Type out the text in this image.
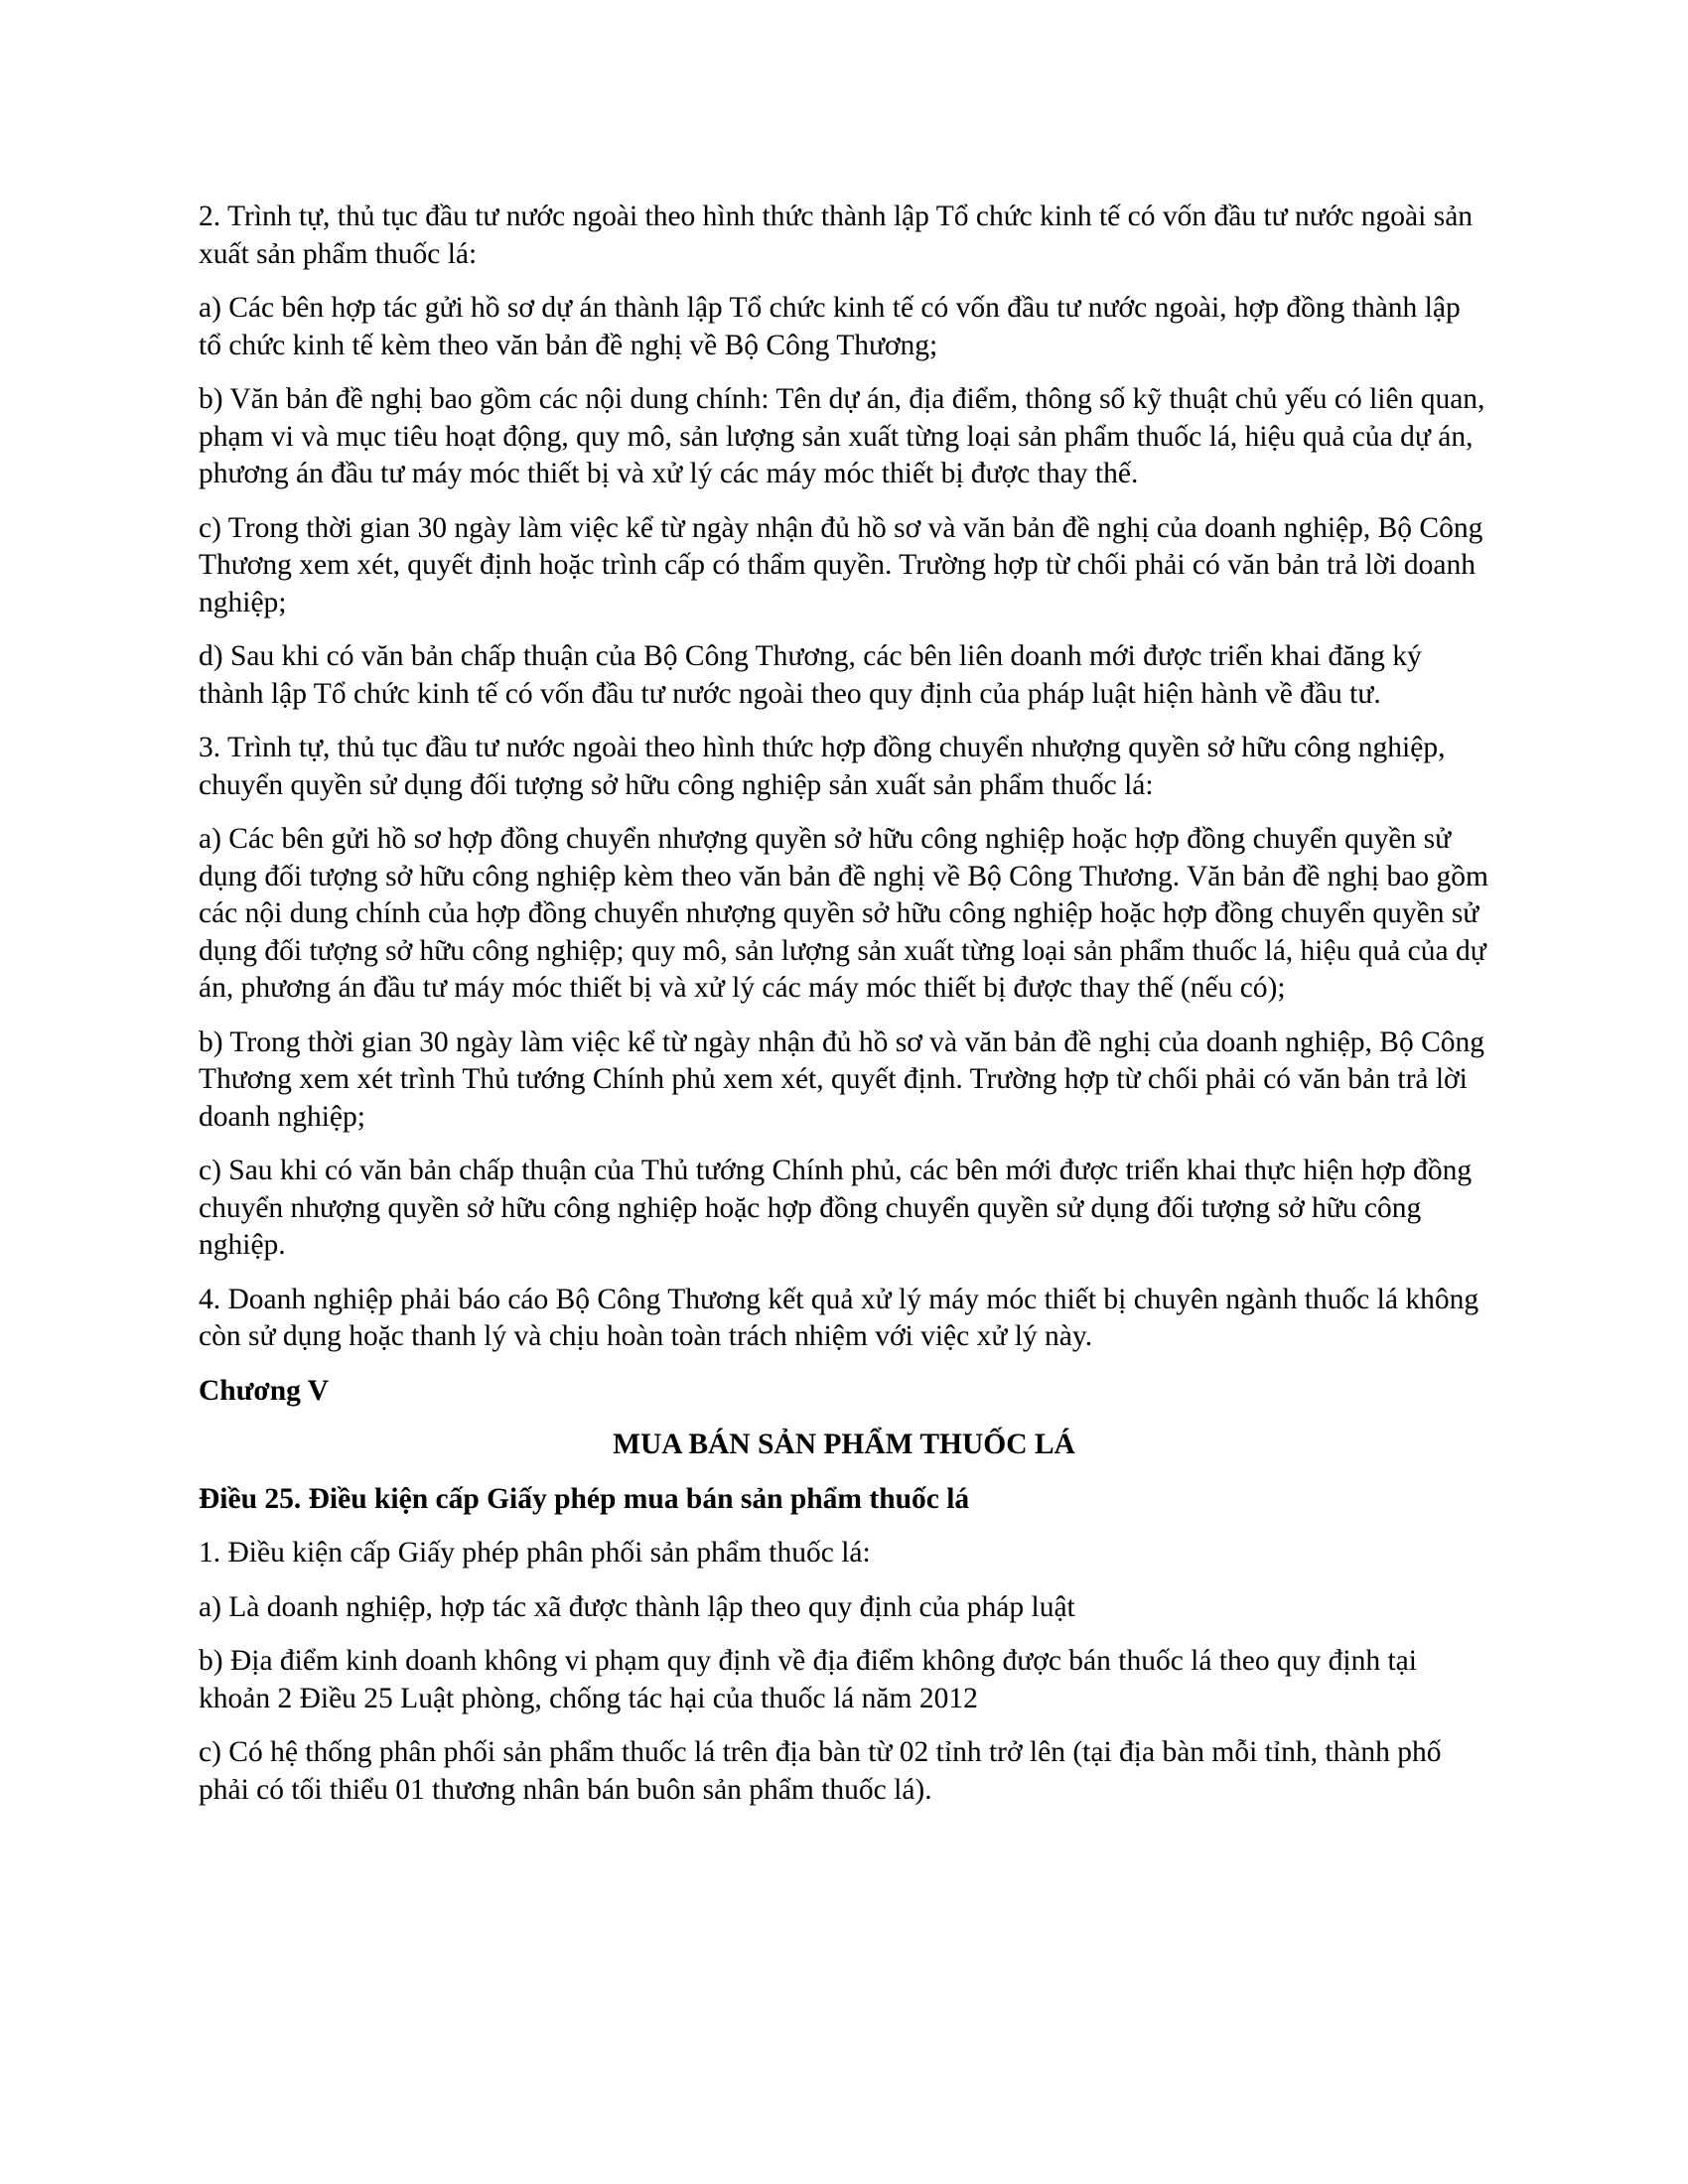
2. Trình tự, thủ tục đầu tư nước ngoài theo hình thức thành lập Tổ chức kinh tế có vốn đầu tư nước ngoài sản xuất sản phẩm thuốc lá:

a) Các bên hợp tác gửi hồ sơ dự án thành lập Tổ chức kinh tế có vốn đầu tư nước ngoài, hợp đồng thành lập tổ chức kinh tế kèm theo văn bản đề nghị về Bộ Công Thương;

b) Văn bản đề nghị bao gồm các nội dung chính: Tên dự án, địa điểm, thông số kỹ thuật chủ yếu có liên quan, phạm vi và mục tiêu hoạt động, quy mô, sản lượng sản xuất từng loại sản phẩm thuốc lá, hiệu quả của dự án, phương án đầu tư máy móc thiết bị và xử lý các máy móc thiết bị được thay thế.

c) Trong thời gian 30 ngày làm việc kể từ ngày nhận đủ hồ sơ và văn bản đề nghị của doanh nghiệp, Bộ Công Thương xem xét, quyết định hoặc trình cấp có thẩm quyền. Trường hợp từ chối phải có văn bản trả lời doanh nghiệp;

d) Sau khi có văn bản chấp thuận của Bộ Công Thương, các bên liên doanh mới được triển khai đăng ký thành lập Tổ chức kinh tế có vốn đầu tư nước ngoài theo quy định của pháp luật hiện hành về đầu tư.

3. Trình tự, thủ tục đầu tư nước ngoài theo hình thức hợp đồng chuyển nhượng quyền sở hữu công nghiệp, chuyển quyền sử dụng đối tượng sở hữu công nghiệp sản xuất sản phẩm thuốc lá:

a) Các bên gửi hồ sơ hợp đồng chuyển nhượng quyền sở hữu công nghiệp hoặc hợp đồng chuyển quyền sử dụng đối tượng sở hữu công nghiệp kèm theo văn bản đề nghị về Bộ Công Thương. Văn bản đề nghị bao gồm các nội dung chính của hợp đồng chuyển nhượng quyền sở hữu công nghiệp hoặc hợp đồng chuyển quyền sử dụng đối tượng sở hữu công nghiệp; quy mô, sản lượng sản xuất từng loại sản phẩm thuốc lá, hiệu quả của dự án, phương án đầu tư máy móc thiết bị và xử lý các máy móc thiết bị được thay thế (nếu có);

b) Trong thời gian 30 ngày làm việc kể từ ngày nhận đủ hồ sơ và văn bản đề nghị của doanh nghiệp, Bộ Công Thương xem xét trình Thủ tướng Chính phủ xem xét, quyết định. Trường hợp từ chối phải có văn bản trả lời doanh nghiệp;

c) Sau khi có văn bản chấp thuận của Thủ tướng Chính phủ, các bên mới được triển khai thực hiện hợp đồng chuyển nhượng quyền sở hữu công nghiệp hoặc hợp đồng chuyển quyền sử dụng đối tượng sở hữu công nghiệp.

4. Doanh nghiệp phải báo cáo Bộ Công Thương kết quả xử lý máy móc thiết bị chuyên ngành thuốc lá không còn sử dụng hoặc thanh lý và chịu hoàn toàn trách nhiệm với việc xử lý này.

Chương V
MUA BÁN SẢN PHẨM THUỐC LÁ
Điều 25. Điều kiện cấp Giấy phép mua bán sản phẩm thuốc lá

1. Điều kiện cấp Giấy phép phân phối sản phẩm thuốc lá:

a) Là doanh nghiệp, hợp tác xã được thành lập theo quy định của pháp luật

b) Địa điểm kinh doanh không vi phạm quy định về địa điểm không được bán thuốc lá theo quy định tại khoản 2 Điều 25 Luật phòng, chống tác hại của thuốc lá năm 2012

c) Có hệ thống phân phối sản phẩm thuốc lá trên địa bàn từ 02 tỉnh trở lên (tại địa bàn mỗi tỉnh, thành phố phải có tối thiểu 01 thương nhân bán buôn sản phẩm thuốc lá).
